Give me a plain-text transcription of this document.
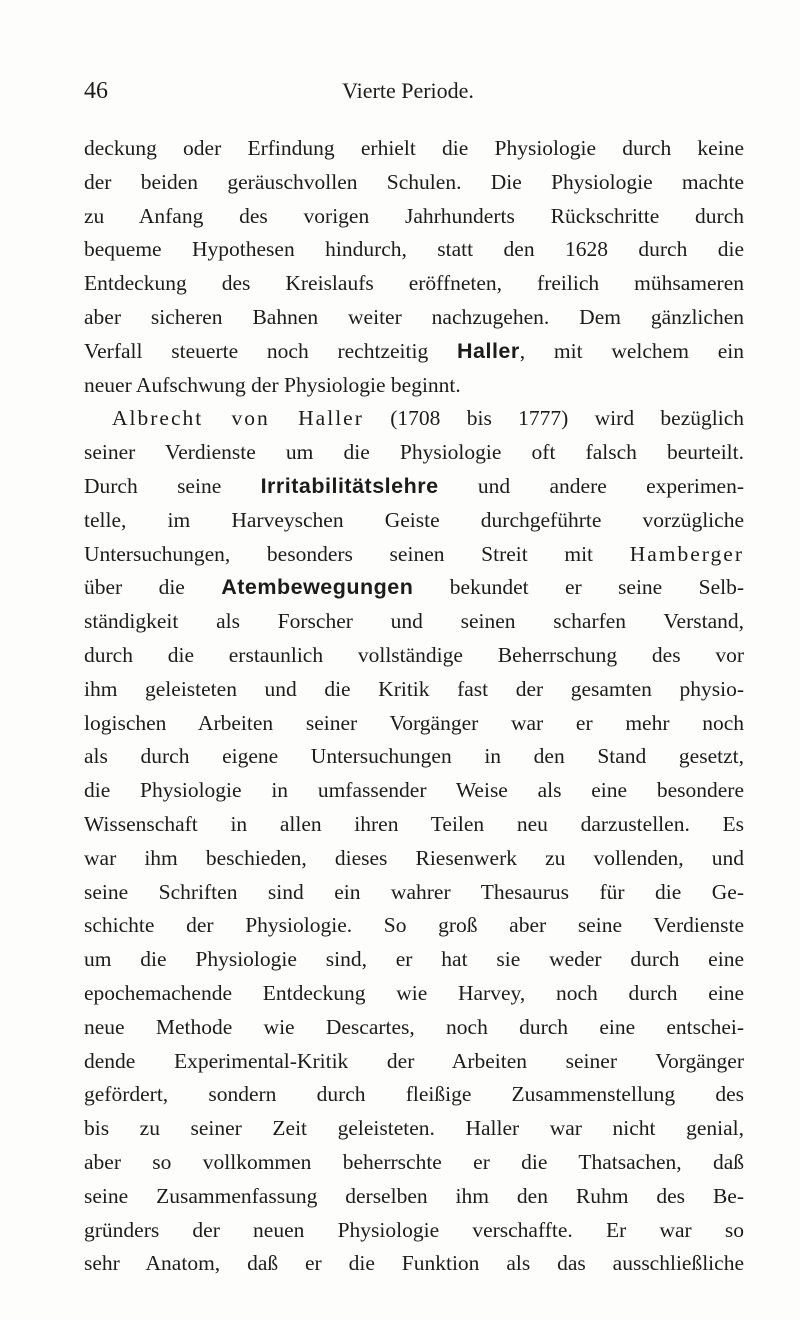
46	Vierte Periode.
deckung oder Erfindung erhielt die Physiologie durch keine
der beiden geräuschvollen Schulen. Die Physiologie machte
zu Anfang des vorigen Jahrhunderts Rückschritte durch
bequeme Hypothesen hindurch, statt den 1628 durch die
Entdeckung des Kreislaufs eröffneten, freilich mühsameren
aber sicheren Bahnen weiter nachzugehen. Dem gänzlichen
Verfall steuerte noch rechtzeitig Haller, mit welchem ein
neuer Aufschwung der Physiologie beginnt.
Albrecht von Haller (1708 bis 1777) wird bezüglich
seiner Verdienste um die Physiologie oft falsch beurteilt.
Durch seine Irritabilitätslehre und andere experimen-
telle, im Harveyschen Geiste durchgeführte vorzügliche
Untersuchungen, besonders seinen Streit mit Hamberger
über die Atembewegungen bekundet er seine Selb-
ständigkeit als Forscher und seinen scharfen Verstand,
durch die erstaunlich vollständige Beherrschung des vor
ihm geleisteten und die Kritik fast der gesamten physio-
logischen Arbeiten seiner Vorgänger war er mehr noch
als durch eigene Untersuchungen in den Stand gesetzt,
die Physiologie in umfassender Weise als eine besondere
Wissenschaft in allen ihren Teilen neu darzustellen. Es
war ihm beschieden, dieses Riesenwerk zu vollenden, und
seine Schriften sind ein wahrer Thesaurus für die Ge-
schichte der Physiologie. So groß aber seine Verdienste
um die Physiologie sind, er hat sie weder durch eine
epochemachende Entdeckung wie Harvey, noch durch eine
neue Methode wie Descartes, noch durch eine entschei-
dende Experimental-Kritik der Arbeiten seiner Vorgänger
gefördert, sondern durch fleißige Zusammenstellung des
bis zu seiner Zeit geleisteten. Haller war nicht genial,
aber so vollkommen beherrschte er die Thatsachen, daß
seine Zusammenfassung derselben ihm den Ruhm des Be-
gründers der neuen Physiologie verschaffte. Er war so
sehr Anatom, daß er die Funktion als das ausschließliche
